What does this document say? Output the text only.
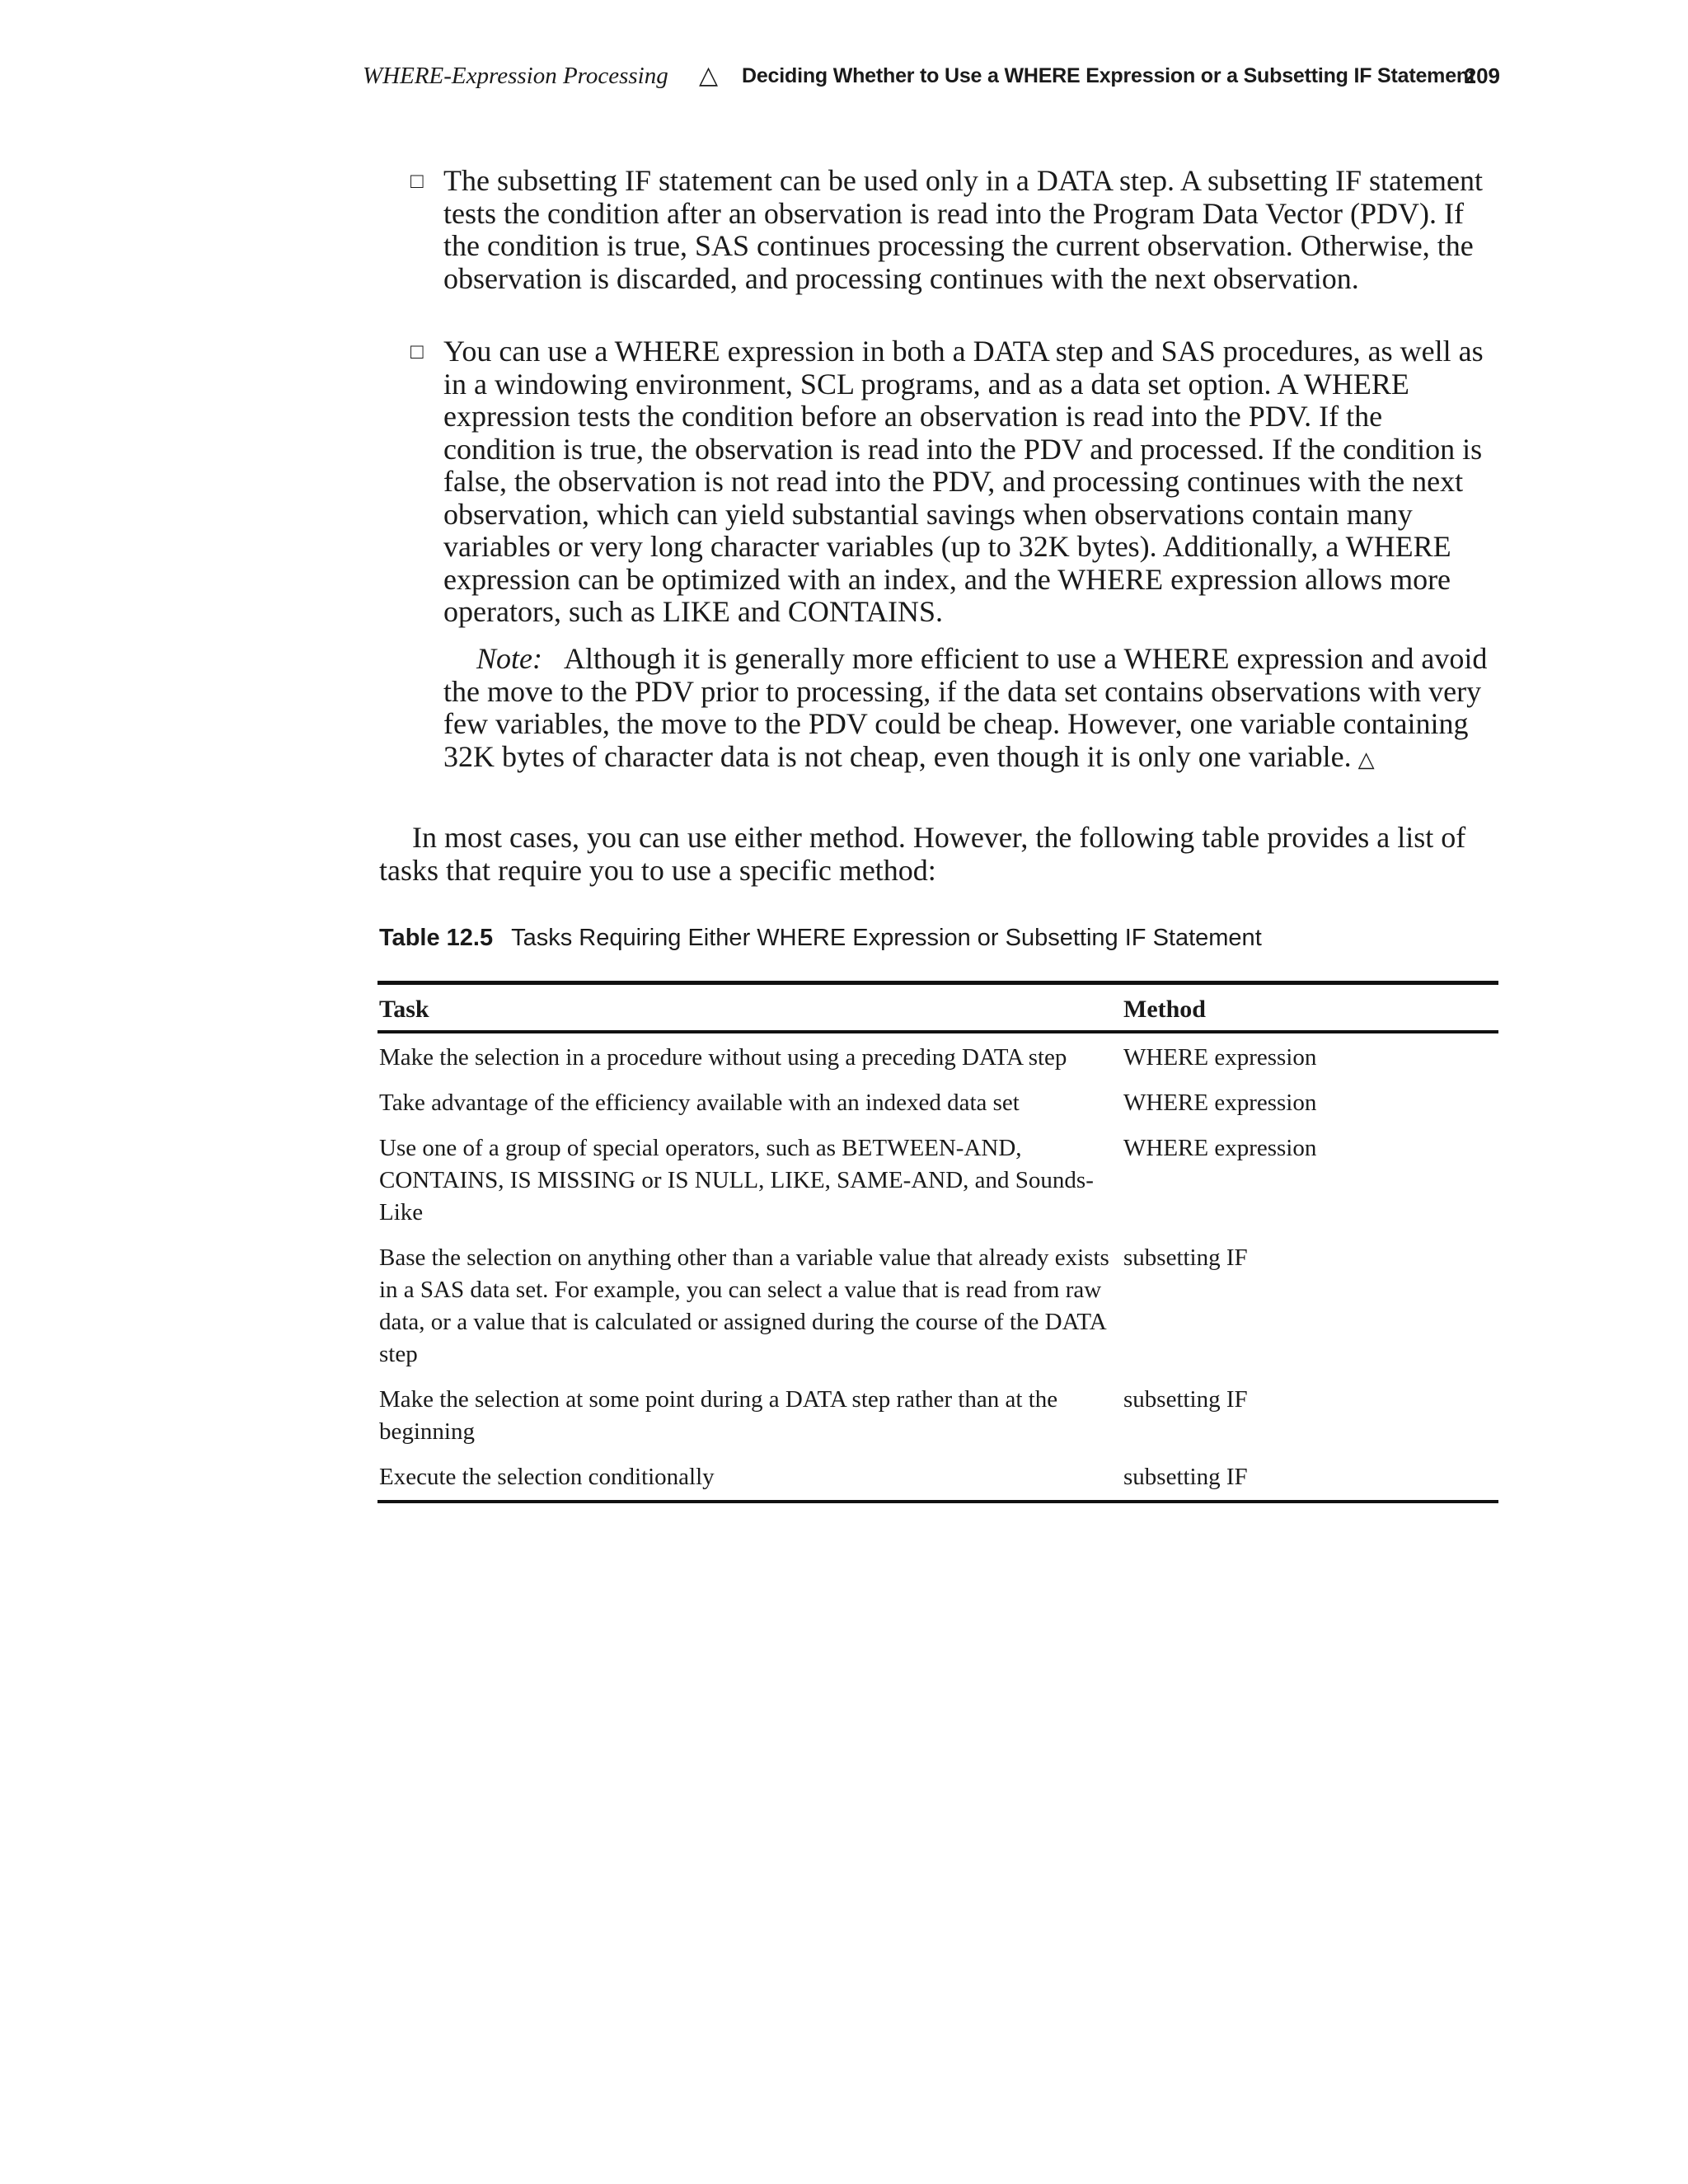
WHERE-Expression Processing △ Deciding Whether to Use a WHERE Expression or a Subsetting IF Statement
209
□ The subsetting IF statement can be used only in a DATA step. A subsetting IF statement tests the condition after an observation is read into the Program Data Vector (PDV). If the condition is true, SAS continues processing the current observation. Otherwise, the observation is discarded, and processing continues with the next observation.
□ You can use a WHERE expression in both a DATA step and SAS procedures, as well as in a windowing environment, SCL programs, and as a data set option. A WHERE expression tests the condition before an observation is read into the PDV. If the condition is true, the observation is read into the PDV and processed. If the condition is false, the observation is not read into the PDV, and processing continues with the next observation, which can yield substantial savings when observations contain many variables or very long character variables (up to 32K bytes). Additionally, a WHERE expression can be optimized with an index, and the WHERE expression allows more operators, such as LIKE and CONTAINS.
Note: Although it is generally more efficient to use a WHERE expression and avoid the move to the PDV prior to processing, if the data set contains observations with very few variables, the move to the PDV could be cheap. However, one variable containing 32K bytes of character data is not cheap, even though it is only one variable. △
In most cases, you can use either method. However, the following table provides a list of tasks that require you to use a specific method:
Table 12.5 Tasks Requiring Either WHERE Expression or Subsetting IF Statement
Task	Method
Make the selection in a procedure without using a preceding DATA step	WHERE expression
Take advantage of the efficiency available with an indexed data set	WHERE expression
Use one of a group of special operators, such as BETWEEN-AND, CONTAINS, IS MISSING or IS NULL, LIKE, SAME-AND, and Sounds-Like	WHERE expression
Base the selection on anything other than a variable value that already exists in a SAS data set. For example, you can select a value that is read from raw data, or a value that is calculated or assigned during the course of the DATA step	subsetting IF
Make the selection at some point during a DATA step rather than at the beginning	subsetting IF
Execute the selection conditionally	subsetting IF
